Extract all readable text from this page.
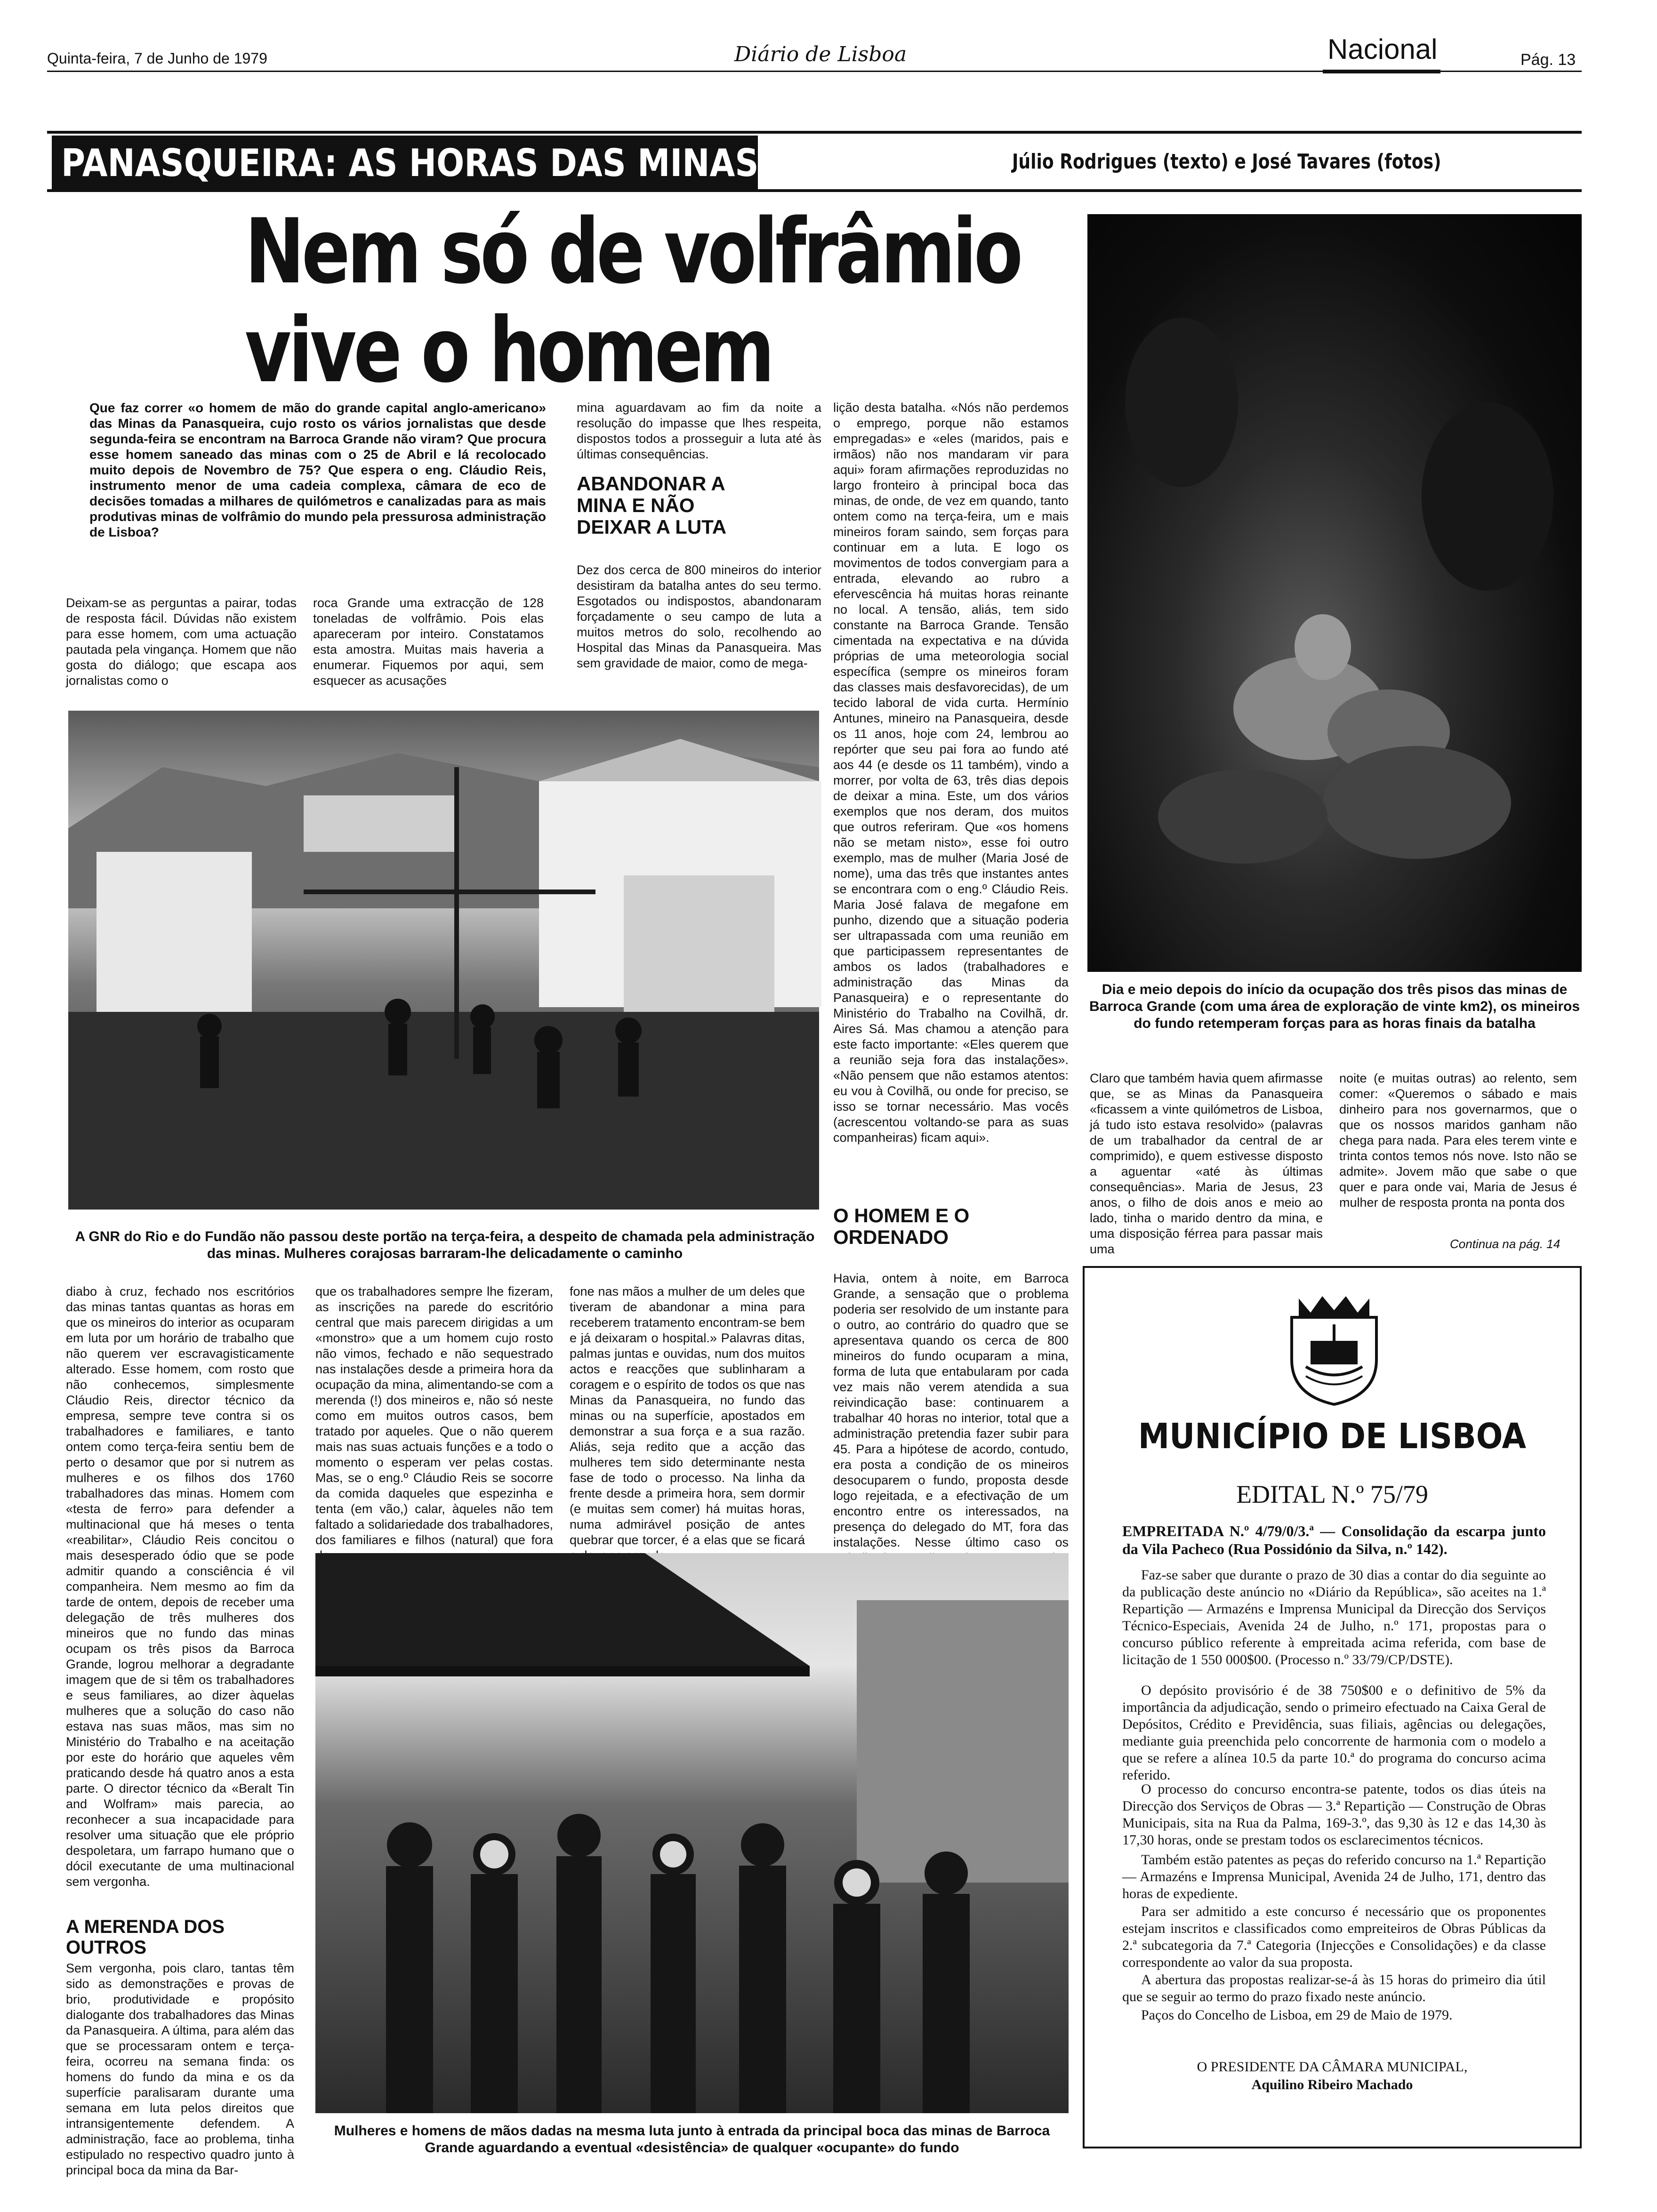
Quinta-feira, 7 de Junho de 1979	Diário de Lisboa	Nacional	Pág. 13
PANASQUEIRA: AS HORAS DAS MINAS	Júlio Rodrigues (texto) e José Tavares (fotos)
Nem só de volfrâmio
vive o homem
Que faz correr «o homem de mão do grande capital anglo-americano» das Minas da Panasqueira, cujo rosto os vários jornalistas que desde segunda-feira se encontram na Barroca Grande não viram? Que procura esse homem saneado das minas com o 25 de Abril e lá recolocado muito depois de Novembro de 75? Que espera o eng. Cláudio Reis, instrumento menor de uma cadeia complexa, câmara de eco de decisões tomadas a milhares de quilómetros e canalizadas para as mais produtivas minas de volfrâmio do mundo pela pressurosa administração de Lisboa?
Deixam-se as perguntas a pairar, todas de resposta fácil. Dúvidas não existem para esse homem, com uma actuação pautada pela vingança. Homem que não gosta do diálogo; que escapa aos jornalistas como o
roca Grande uma extracção de 128 toneladas de volfrâmio. Pois elas apareceram por inteiro. Constatamos esta amostra. Muitas mais haveria a enumerar. Fiquemos por aqui, sem esquecer as acusações
mina aguardavam ao fim da noite a resolução do impasse que lhes respeita, dispostos todos a prosseguir a luta até às últimas consequências.
ABANDONAR A MINA E NÃO DEIXAR A LUTA
Dez dos cerca de 800 mineiros do interior desistiram da batalha antes do seu termo. Esgotados ou indispostos, abandonaram forçadamente o seu campo de luta a muitos metros do solo, recolhendo ao Hospital das Minas da Panasqueira. Mas sem gravidade de maior, como de mega-
lição desta batalha. «Nós não perdemos o emprego, porque não estamos empregadas» e «eles (maridos, pais e irmãos) não nos mandaram vir para aqui» foram afirmações reproduzidas no largo fronteiro à principal boca das minas, de onde, de vez em quando, tanto ontem como na terça-feira, um e mais mineiros foram saindo, sem forças para continuar em a luta. E logo os movimentos de todos convergiam para a entrada, elevando ao rubro a efervescência há muitas horas reinante no local. A tensão, aliás, tem sido constante na Barroca Grande. Tensão cimentada na expectativa e na dúvida próprias de uma meteorologia social específica (sempre os mineiros foram das classes mais desfavorecidas), de um tecido laboral de vida curta. Hermínio Antunes, mineiro na Panasqueira, desde os 11 anos, hoje com 24, lembrou ao repórter que seu pai fora ao fundo até aos 44 (e desde os 11 também), vindo a morrer, por volta de 63, três dias depois de deixar a mina. Este, um dos vários exemplos que nos deram, dos muitos que outros referiram. Que «os homens não se metam nisto», esse foi outro exemplo, mas de mulher (Maria José de nome), uma das três que instantes antes se encontrara com o eng.º Cláudio Reis. Maria José falava de megafone em punho, dizendo que a situação poderia ser ultrapassada com uma reunião em que participassem representantes de ambos os lados (trabalhadores e administração das Minas da Panasqueira) e o representante do Ministério do Trabalho na Covilhã, dr. Aires Sá. Mas chamou a atenção para este facto importante: «Eles querem que a reunião seja fora das instalações». «Não pensem que não estamos atentos: eu vou à Covilhã, ou onde for preciso, se isso se tornar necessário. Mas vocês (acrescentou voltando-se para as suas companheiras) ficam aqui».
O HOMEM E O ORDENADO
A GNR do Rio e do Fundão não passou deste portão na terça-feira, a despeito de chamada pela administração das minas. Mulheres corajosas barraram-lhe delicadamente o caminho
Dia e meio depois do início da ocupação dos três pisos das minas de Barroca Grande (com uma área de exploração de vinte km2), os mineiros do fundo retemperam forças para as horas finais da batalha
Claro que também havia quem afirmasse que, se as Minas da Panasqueira «ficassem a vinte quilómetros de Lisboa, já tudo isto estava resolvido» (palavras de um trabalhador da central de ar comprimido), e quem estivesse disposto a aguentar «até às últimas consequências». Maria de Jesus, 23 anos, o filho de dois anos e meio ao lado, tinha o marido dentro da mina, e uma disposição férrea para passar mais uma
noite (e muitas outras) ao relento, sem comer: «Queremos o sábado e mais dinheiro para nos governarmos, que o que os nossos maridos ganham não chega para nada. Para eles terem vinte e trinta contos temos nós nove. Isto não se admite». Jovem mão que sabe o que quer e para onde vai, Maria de Jesus é mulher de resposta pronta na ponta dos
Continua na pág. 14
diabo à cruz, fechado nos escritórios das minas tantas quantas as horas em que os mineiros do interior as ocuparam em luta por um horário de trabalho que não querem ver escravagisticamente alterado. Esse homem, com rosto que não conhecemos, simplesmente Cláudio Reis, director técnico da empresa, sempre teve contra si os trabalhadores e familiares, e tanto ontem como terça-feira sentiu bem de perto o desamor que por si nutrem as mulheres e os filhos dos 1760 trabalhadores das minas. Homem com «testa de ferro» para defender a multinacional que há meses o tenta «reabilitar», Cláudio Reis concitou o mais desesperado ódio que se pode admitir quando a consciência é vil companheira. Nem mesmo ao fim da tarde de ontem, depois de receber uma delegação de três mulheres dos mineiros que no fundo das minas ocupam os três pisos da Barroca Grande, logrou melhorar a degradante imagem que de si têm os trabalhadores e seus familiares, ao dizer àquelas mulheres que a solução do caso não estava nas suas mãos, mas sim no Ministério do Trabalho e na aceitação por este do horário que aqueles vêm praticando desde há quatro anos a esta parte. O director técnico da «Beralt Tin and Wolfram» mais parecia, ao reconhecer a sua incapacidade para resolver uma situação que ele próprio despoletara, um farrapo humano que o dócil executante de uma multinacional sem vergonha.
A MERENDA DOS OUTROS
Sem vergonha, pois claro, tantas têm sido as demonstrações e provas de brio, produtividade e propósito dialogante dos trabalhadores das Minas da Panasqueira. A última, para além das que se processaram ontem e terça-feira, ocorreu na semana finda: os homens do fundo da mina e os da superfície paralisaram durante uma semana em luta pelos direitos que intransigentemente defendem. A administração, face ao problema, tinha estipulado no respectivo quadro junto à principal boca da mina da Bar-
que os trabalhadores sempre lhe fizeram, as inscrições na parede do escritório central que mais parecem dirigidas a um «monstro» que a um homem cujo rosto não vimos, fechado e não sequestrado nas instalações desde a primeira hora da ocupação da mina, alimentando-se com a merenda (!) dos mineiros e, não só neste como em muitos outros casos, bem tratado por aqueles. Que o não querem mais nas suas actuais funções e a todo o momento o esperam ver pelas costas. Mas, se o eng.º Cláudio Reis se socorre da comida daqueles que espezinha e tenta (em vão,) calar, àqueles não tem faltado a solidariedade dos trabalhadores, dos familiares e filhos (natural) que fora
fone nas mãos a mulher de um deles que tiveram de abandonar a mina para receberem tratamento encontram-se bem e já deixaram o hospital.» Palavras ditas, palmas juntas e ouvidas, num dos muitos actos e reacções que sublinharam a coragem e o espírito de todos os que nas Minas da Panasqueira, no fundo das minas ou na superfície, apostados em demonstrar a sua força e a sua razão. Aliás, seja redito que a acção das mulheres tem sido determinante nesta fase de todo o processo. Na linha da frente desde a primeira hora, sem dormir (e muitas sem comer) há muitas horas, numa admirável posição de antes quebrar que torcer, é a elas que se ficará
Havia, ontem à noite, em Barroca Grande, a sensação que o problema poderia ser resolvido de um instante para o outro, ao contrário do quadro que se apresentava quando os cerca de 800 mineiros do fundo ocuparam a mina, forma de luta que entabularam por cada vez mais não verem atendida a sua reivindicação base: continuarem a trabalhar 40 horas no interior, total que a administração pretendia fazer subir para 45. Para a hipótese de acordo, contudo, era posta a condição de os mineiros desocuparem o fundo, proposta desde logo rejeitada, e a efectivação de um encontro entre os interessados, na presença do delegado do MT, fora das instalações. Nesse último caso os
Mulheres e homens de mãos dadas na mesma luta junto à entrada da principal boca das minas de Barroca Grande aguardando a eventual «desistência» de qualquer «ocupante» do fundo
MUNICÍPIO DE LISBOA
EDITAL N.º 75/79
EMPREITADA N.º 4/79/0/3.ª — Consolidação da escarpa junto da Vila Pacheco (Rua Possidónio da Silva, n.º 142).
Faz-se saber que durante o prazo de 30 dias a contar do dia seguinte ao da publicação deste anúncio no «Diário da República», são aceites na 1.ª Repartição — Armazéns e Imprensa Municipal da Direcção dos Serviços Técnico-Especiais, Avenida 24 de Julho, n.º 171, propostas para o concurso público referente à empreitada acima referida, com base de licitação de 1 550 000$00. (Processo n.º 33/79/CP/DSTE).
O depósito provisório é de 38 750$00 e o definitivo de 5% da importância da adjudicação, sendo o primeiro efectuado na Caixa Geral de Depósitos, Crédito e Previdência, suas filiais, agências ou delegações, mediante guia preenchida pelo concorrente de harmonia com o modelo a que se refere a alínea 10.5 da parte 10.ª do programa do concurso acima referido.
O processo do concurso encontra-se patente, todos os dias úteis na Direcção dos Serviços de Obras — 3.ª Repartição — Construção de Obras Municipais, sita na Rua da Palma, 169-3.º, das 9,30 às 12 e das 14,30 às 17,30 horas, onde se prestam todos os esclarecimentos técnicos.
Também estão patentes as peças do referido concurso na 1.ª Repartição — Armazéns e Imprensa Municipal, Avenida 24 de Julho, 171, dentro das horas de expediente.
Para ser admitido a este concurso é necessário que os proponentes estejam inscritos e classificados como empreiteiros de Obras Públicas da 2.ª subcategoria da 7.ª Categoria (Injecções e Consolidações) e da classe correspondente ao valor da sua proposta.
A abertura das propostas realizar-se-á às 15 horas do primeiro dia útil que se seguir ao termo do prazo fixado neste anúncio.
Paços do Concelho de Lisboa, em 29 de Maio de 1979.
O PRESIDENTE DA CÂMARA MUNICIPAL,
Aquilino Ribeiro Machado
